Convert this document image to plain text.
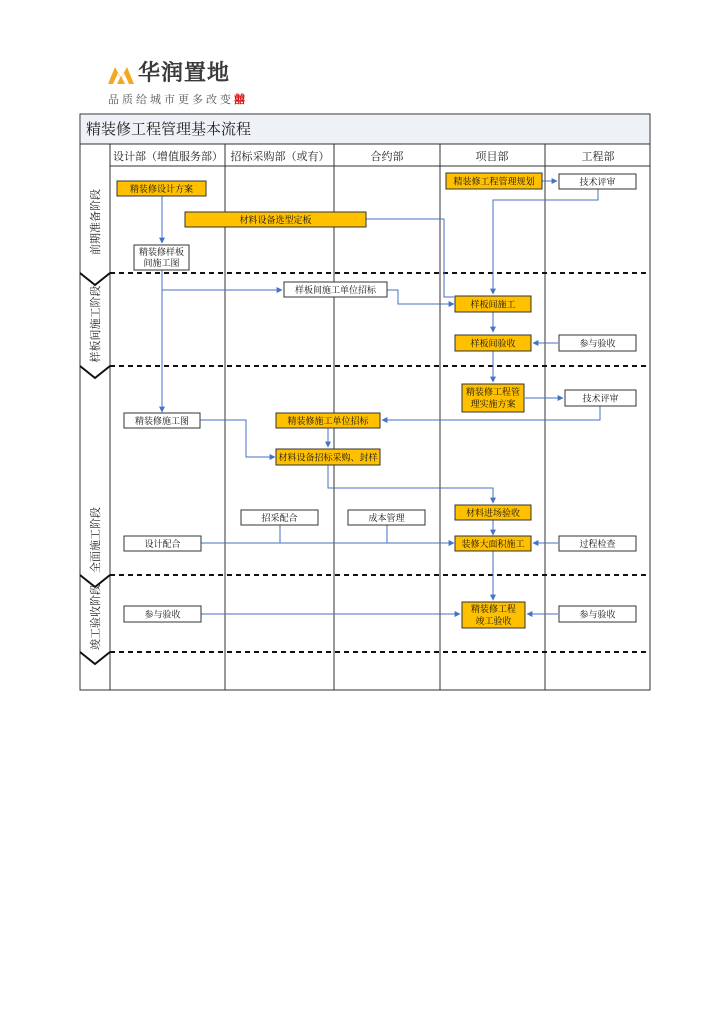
华润置地
品质给城市更多改变囍
精装修工程管理基本流程
设计部（增值服务部） 招标采购部（或有）	合约部	项目部	工程部
前期准备阶段
样板间施工阶段
全面施工阶段
竣工验收阶段
精装修设计方案
材料设备选型定板
精装修工程管理规划
样板间施工
样板间验收
精装修工程管
理实施方案
精装修施工单位招标
材料设备招标采购、封样
材料进场验收
装修大面积施工
精装修工程
竣工验收
精装修样板
间施工图
技术评审
样板间施工单位招标
参与验收
技术评审
精装修施工图
招采配合	成本管理
设计配合	过程检查
参与验收	参与验收
